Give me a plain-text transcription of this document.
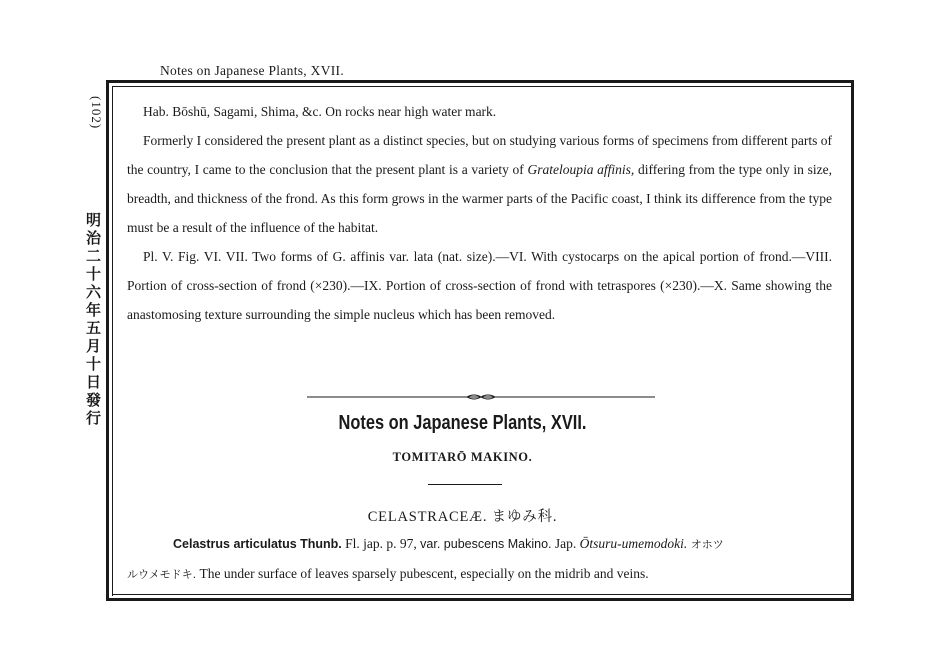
Notes on Japanese Plants, XVII.
(102)
明治二十六年五月十日發行

Hab. Bōshū, Sagami, Shima, &c. On rocks near high water mark.

Formerly I considered the present plant as a distinct species, but on studying various forms of specimens from different parts of the country, I came to the conclusion that the present plant is a variety of Grateloupia affinis, differing from the type only in size, breadth, and thickness of the frond. As this form grows in the warmer parts of the Pacific coast, I think its difference from the type must be a result of the influence of the habitat.

Pl. V. Fig. VI. VII. Two forms of G. affinis var. lata (nat. size).—VI. With cystocarps on the apical portion of frond.—VIII. Portion of cross-section of frond (×230).—IX. Portion of cross-section of frond with tetraspores (×230).—X. Same showing the anastomosing texture surrounding the simple nucleus which has been removed.

Notes on Japanese Plants, XVII.
TOMITARŌ MAKINO.
CELASTRACEÆ. まゆみ科.

Celastrus articulatus Thunb. Fl. jap. p. 97, var. pubescens Makino. Jap. Ōtsuru-umemodoki. オホツ

ルウメモドキ. The under surface of leaves sparsely pubescent, especially on the midrib and veins.
